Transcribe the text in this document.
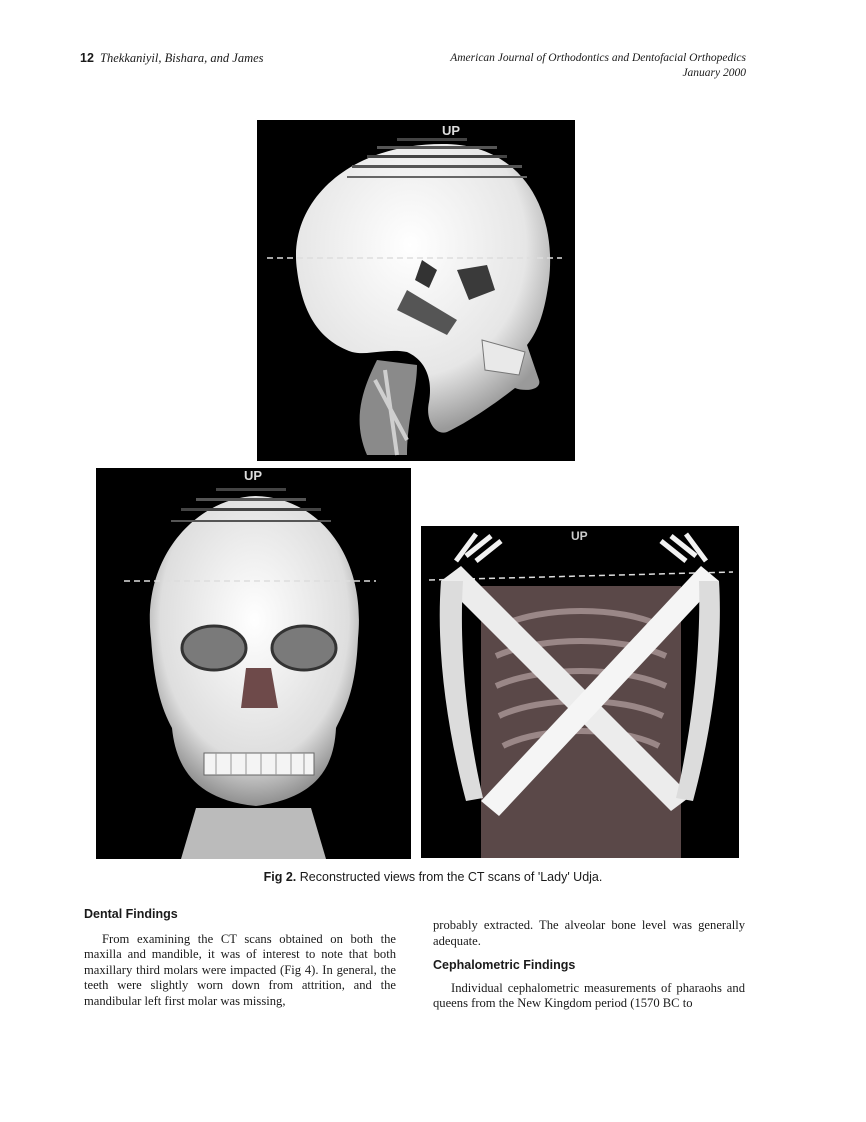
12 Thekkaniyil, Bishara, and James	American Journal of Orthodontics and Dentofacial Orthopedics
January 2000
UP
UP
UP
Fig 2. Reconstructed views from the CT scans of 'Lady' Udja.
Dental Findings

From examining the CT scans obtained on both the maxilla and mandible, it was of interest to note that both maxillary third molars were impacted (Fig 4). In general, the teeth were slightly worn down from attrition, and the mandibular left first molar was missing,

probably extracted. The alveolar bone level was generally adequate.

Cephalometric Findings

Individual cephalometric measurements of pharaohs and queens from the New Kingdom period (1570 BC to
